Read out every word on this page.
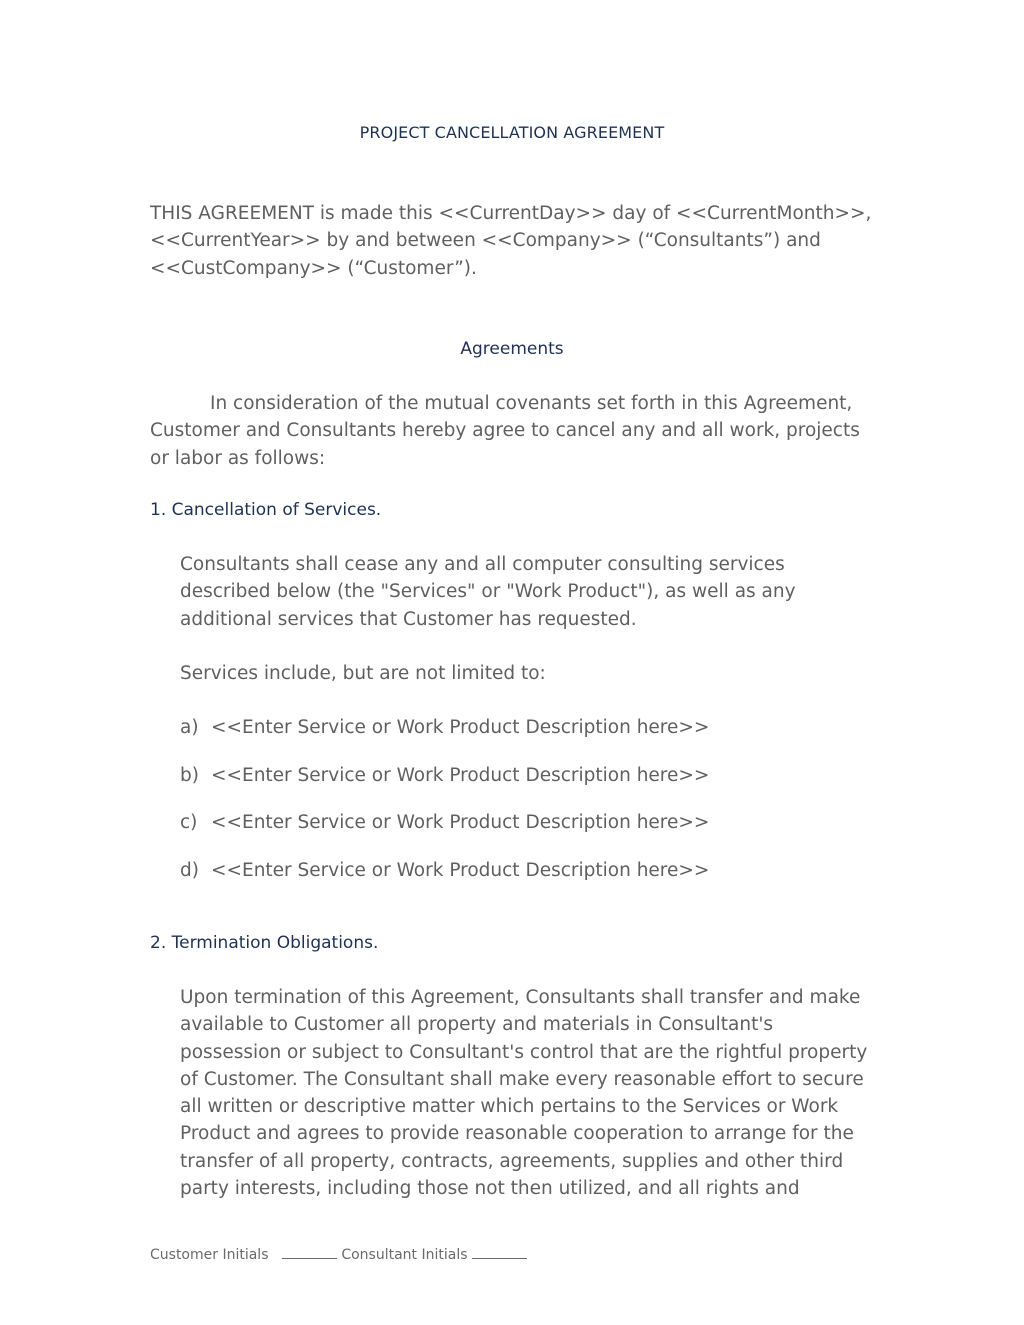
PROJECT CANCELLATION AGREEMENT
THIS AGREEMENT is made this <<CurrentDay>> day of <<CurrentMonth>>, <<CurrentYear>> by and between <<Company>> (“Consultants”) and <<CustCompany>> (“Customer”).
Agreements
In consideration of the mutual covenants set forth in this Agreement, Customer and Consultants hereby agree to cancel any and all work, projects or labor as follows:
1. Cancellation of Services.
Consultants shall cease any and all computer consulting services described below (the "Services" or "Work Product"), as well as any additional services that Customer has requested.
Services include, but are not limited to:
a) <<Enter Service or Work Product Description here>>
b) <<Enter Service or Work Product Description here>>
c) <<Enter Service or Work Product Description here>>
d) <<Enter Service or Work Product Description here>>
2. Termination Obligations.
Upon termination of this Agreement, Consultants shall transfer and make available to Customer all property and materials in Consultant's possession or subject to Consultant's control that are the rightful property of Customer. The Consultant shall make every reasonable effort to secure all written or descriptive matter which pertains to the Services or Work Product and agrees to provide reasonable cooperation to arrange for the transfer of all property, contracts, agreements, supplies and other third party interests, including those not then utilized, and all rights and
Customer Initials	Consultant Initials
